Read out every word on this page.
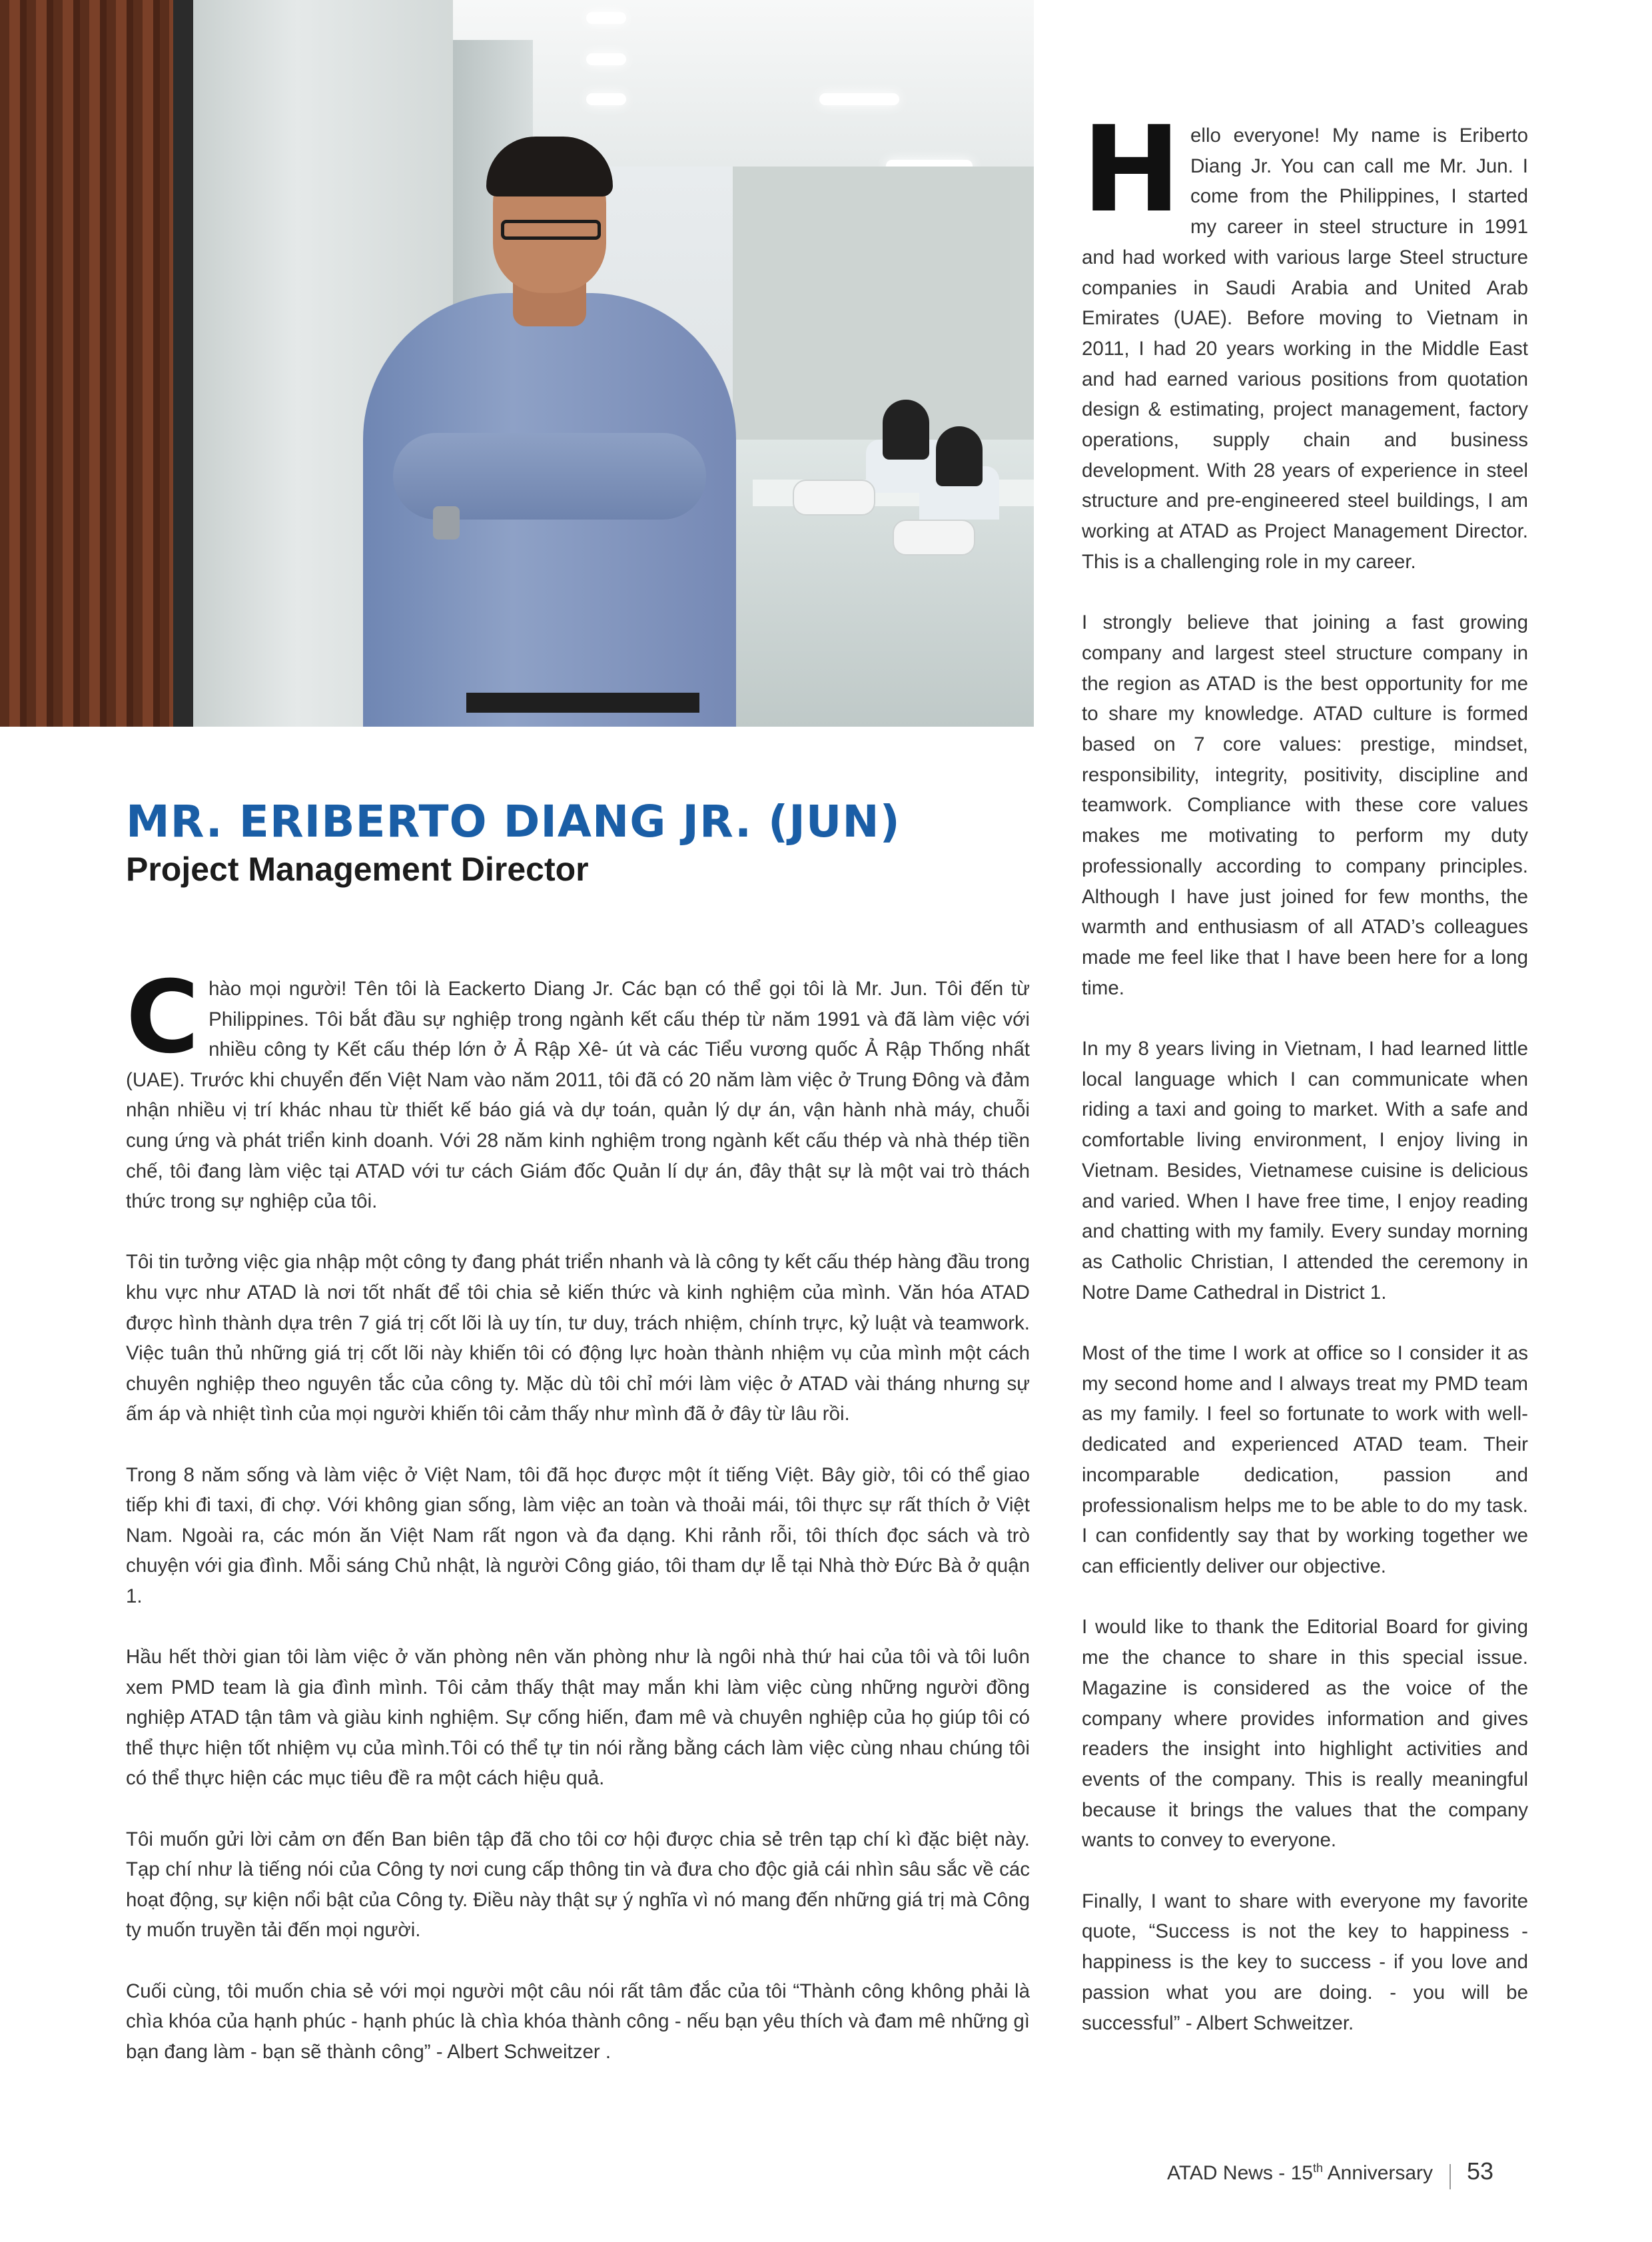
MR. ERIBERTO DIANG JR. (JUN)
Project Management Director

Chào mọi người! Tên tôi là Eackerto Diang Jr. Các bạn có thể gọi tôi là Mr. Jun. Tôi đến từ Philippines. Tôi bắt đầu sự nghiệp trong ngành kết cấu thép từ năm 1991 và đã làm việc với nhiều công ty Kết cấu thép lớn ở Ả Rập Xê- út và các Tiểu vương quốc Ả Rập Thống nhất (UAE). Trước khi chuyển đến Việt Nam vào năm 2011, tôi đã có 20 năm làm việc ở Trung Đông và đảm nhận nhiều vị trí khác nhau từ thiết kế báo giá và dự toán, quản lý dự án, vận hành nhà máy, chuỗi cung ứng và phát triển kinh doanh. Với 28 năm kinh nghiệm trong ngành kết cấu thép và nhà thép tiền chế, tôi đang làm việc tại ATAD với tư cách Giám đốc Quản lí dự án, đây thật sự là một vai trò thách thức trong sự nghiệp của tôi.

Tôi tin tưởng việc gia nhập một công ty đang phát triển nhanh và là công ty kết cấu thép hàng đầu trong khu vực như ATAD là nơi tốt nhất để tôi chia sẻ kiến thức và kinh nghiệm của mình. Văn hóa ATAD được hình thành dựa trên 7 giá trị cốt lõi là uy tín, tư duy, trách nhiệm, chính trực, kỷ luật và teamwork. Việc tuân thủ những giá trị cốt lõi này khiến tôi có động lực hoàn thành nhiệm vụ của mình một cách chuyên nghiệp theo nguyên tắc của công ty. Mặc dù tôi chỉ mới làm việc ở ATAD vài tháng nhưng sự ấm áp và nhiệt tình của mọi người khiến tôi cảm thấy như mình đã ở đây từ lâu rồi.

Trong 8 năm sống và làm việc ở Việt Nam, tôi đã học được một ít tiếng Việt. Bây giờ, tôi có thể giao tiếp khi đi taxi, đi chợ. Với không gian sống, làm việc an toàn và thoải mái, tôi thực sự rất thích ở Việt Nam. Ngoài ra, các món ăn Việt Nam rất ngon và đa dạng. Khi rảnh rỗi, tôi thích đọc sách và trò chuyện với gia đình. Mỗi sáng Chủ nhật, là người Công giáo, tôi tham dự lễ tại Nhà thờ Đức Bà ở quận 1.

Hầu hết thời gian tôi làm việc ở văn phòng nên văn phòng như là ngôi nhà thứ hai của tôi và tôi luôn xem PMD team là gia đình mình. Tôi cảm thấy thật may mắn khi làm việc cùng những người đồng nghiệp ATAD tận tâm và giàu kinh nghiệm. Sự cống hiến, đam mê và chuyên nghiệp của họ giúp tôi có thể thực hiện tốt nhiệm vụ của mình.Tôi có thể tự tin nói rằng bằng cách làm việc cùng nhau chúng tôi có thể thực hiện các mục tiêu đề ra một cách hiệu quả.

Tôi muốn gửi lời cảm ơn đến Ban biên tập đã cho tôi cơ hội được chia sẻ trên tạp chí kì đặc biệt này. Tạp chí như là tiếng nói của Công ty nơi cung cấp thông tin và đưa cho độc giả cái nhìn sâu sắc về các hoạt động, sự kiện nổi bật của Công ty. Điều này thật sự ý nghĩa vì nó mang đến những giá trị mà Công ty muốn truyền tải đến mọi người.

Cuối cùng, tôi muốn chia sẻ với mọi người một câu nói rất tâm đắc của tôi “Thành công không phải là chìa khóa của hạnh phúc - hạnh phúc là chìa khóa thành công - nếu bạn yêu thích và đam mê những gì bạn đang làm - bạn sẽ thành công” - Albert Schweitzer .

Hello everyone! My name is Eriberto Diang Jr. You can call me Mr. Jun. I come from the Philippines, I started my career in steel structure in 1991 and had worked with various large Steel structure companies in Saudi Arabia and United Arab Emirates (UAE). Before moving to Vietnam in 2011, I had 20 years working in the Middle East and had earned various positions from quotation design & estimating, project management, factory operations, supply chain and business development. With 28 years of experience in steel structure and pre-engineered steel buildings, I am working at ATAD as Project Management Director. This is a challenging role in my career.

I strongly believe that joining a fast growing company and largest steel structure company in the region as ATAD is the best opportunity for me to share my knowledge. ATAD culture is formed based on 7 core values: prestige, mindset, responsibility, integrity, positivity, discipline and teamwork. Compliance with these core values makes me motivating to perform my duty professionally according to company principles. Although I have just joined for few months, the warmth and enthusiasm of all ATAD’s colleagues made me feel like that I have been here for a long time.

In my 8 years living in Vietnam, I had learned little local language which I can communicate when riding a taxi and going to market. With a safe and comfortable living environment, I enjoy living in Vietnam. Besides, Vietnamese cuisine is delicious and varied. When I have free time, I enjoy reading and chatting with my family. Every sunday morning as Catholic Christian, I attended the ceremony in Notre Dame Cathedral in District 1.

Most of the time I work at office so I consider it as my second home and I always treat my PMD team as my family. I feel so fortunate to work with well-dedicated and experienced ATAD team. Their incomparable dedication, passion and professionalism helps me to be able to do my task. I can confidently say that by working together we can efficiently deliver our objective.

I would like to thank the Editorial Board for giving me the chance to share in this special issue. Magazine is considered as the voice of the company where provides information and gives readers the insight into highlight activities and events of the company. This is really meaningful because it brings the values that the company wants to convey to everyone.

Finally, I want to share with everyone my favorite quote, “Success is not the key to happiness - happiness is the key to success - if you love and passion what you are doing. - you will be successful” - Albert Schweitzer.

ATAD News - 15th Anniversary 53
